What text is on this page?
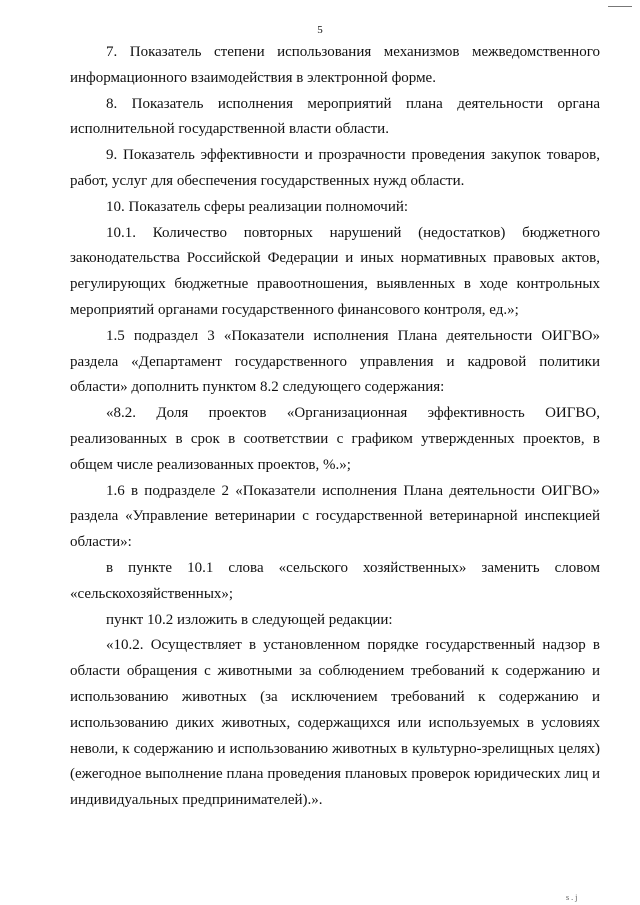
5

7. Показатель степени использования механизмов межведомственного информационного взаимодействия в электронной форме.

8. Показатель исполнения мероприятий плана деятельности органа исполнительной государственной власти области.

9. Показатель эффективности и прозрачности проведения закупок товаров, работ, услуг для обеспечения государственных нужд области.

10. Показатель сферы реализации полномочий:

10.1. Количество повторных нарушений (недостатков) бюджетного законодательства Российской Федерации и иных нормативных правовых актов, регулирующих бюджетные правоотношения, выявленных в ходе контрольных мероприятий органами государственного финансового контроля, ед.»;

1.5 подраздел 3 «Показатели исполнения Плана деятельности ОИГВО» раздела «Департамент государственного управления и кадровой политики области» дополнить пунктом 8.2 следующего содержания:

«8.2. Доля проектов «Организационная эффективность ОИГВО, реализованных в срок в соответствии с графиком утвержденных проектов, в общем числе реализованных проектов, %.»;

1.6 в подразделе 2 «Показатели исполнения Плана деятельности ОИГВО» раздела «Управление ветеринарии с государственной ветеринарной инспекцией области»:

в пункте 10.1 слова «сельского хозяйственных» заменить словом «сельскохозяйственных»;

пункт 10.2 изложить в следующей редакции:

«10.2. Осуществляет в установленном порядке государственный надзор в области обращения с животными за соблюдением требований к содержанию и использованию животных (за исключением требований к содержанию и использованию диких животных, содержащихся или используемых в условиях неволи, к содержанию и использованию животных в культурно-зрелищных целях) (ежегодное выполнение плана проведения плановых проверок юридических лиц и индивидуальных предпринимателей).».

s . j
